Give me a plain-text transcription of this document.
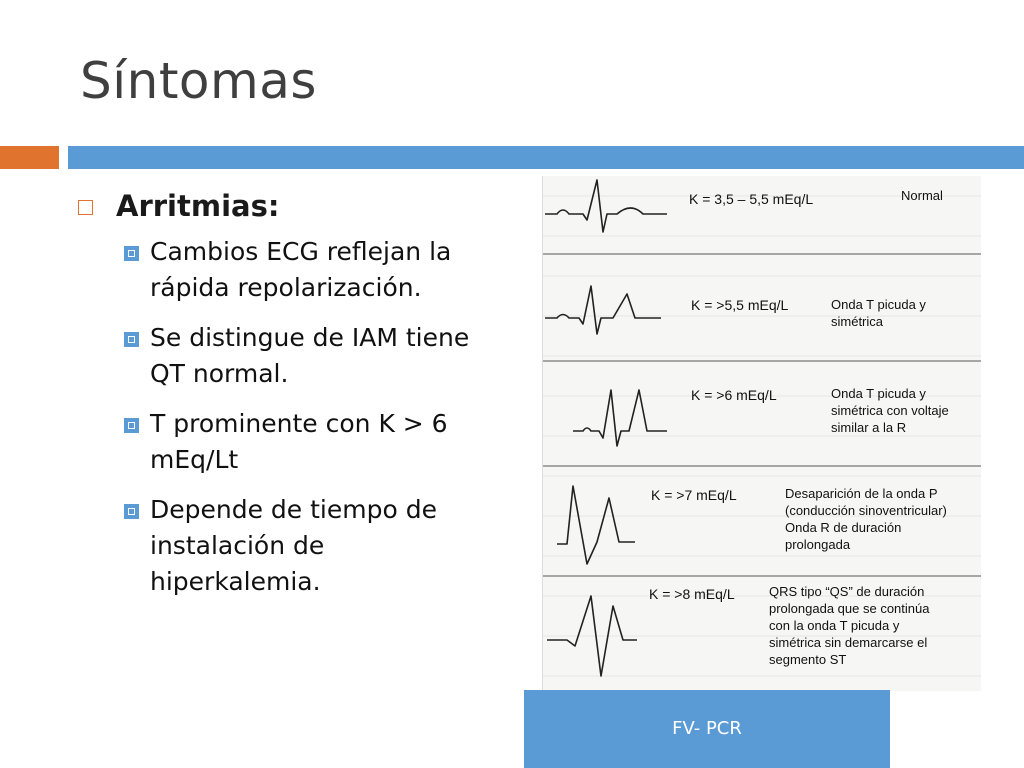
Síntomas
Arritmias:
Cambios ECG reflejan la rápida repolarización.
Se distingue de IAM tiene QT normal.
T prominente con K > 6 mEq/Lt
Depende de tiempo de instalación de hiperkalemia.
K = 3,5 – 5,5 mEq/L	Normal
K = >5,5 mEq/L	Onda T picuda y
simétrica
K = >6 mEq/L	Onda T picuda y
simétrica con voltaje
similar a la R
K = >7 mEq/L	Desaparición de la onda P
(conducción sinoventricular)
Onda R de duración
prolongada
K = >8 mEq/L	QRS tipo “QS” de duración
prolongada que se continúa
con la onda T picuda y
simétrica sin demarcarse el
segmento ST
FV- PCR
